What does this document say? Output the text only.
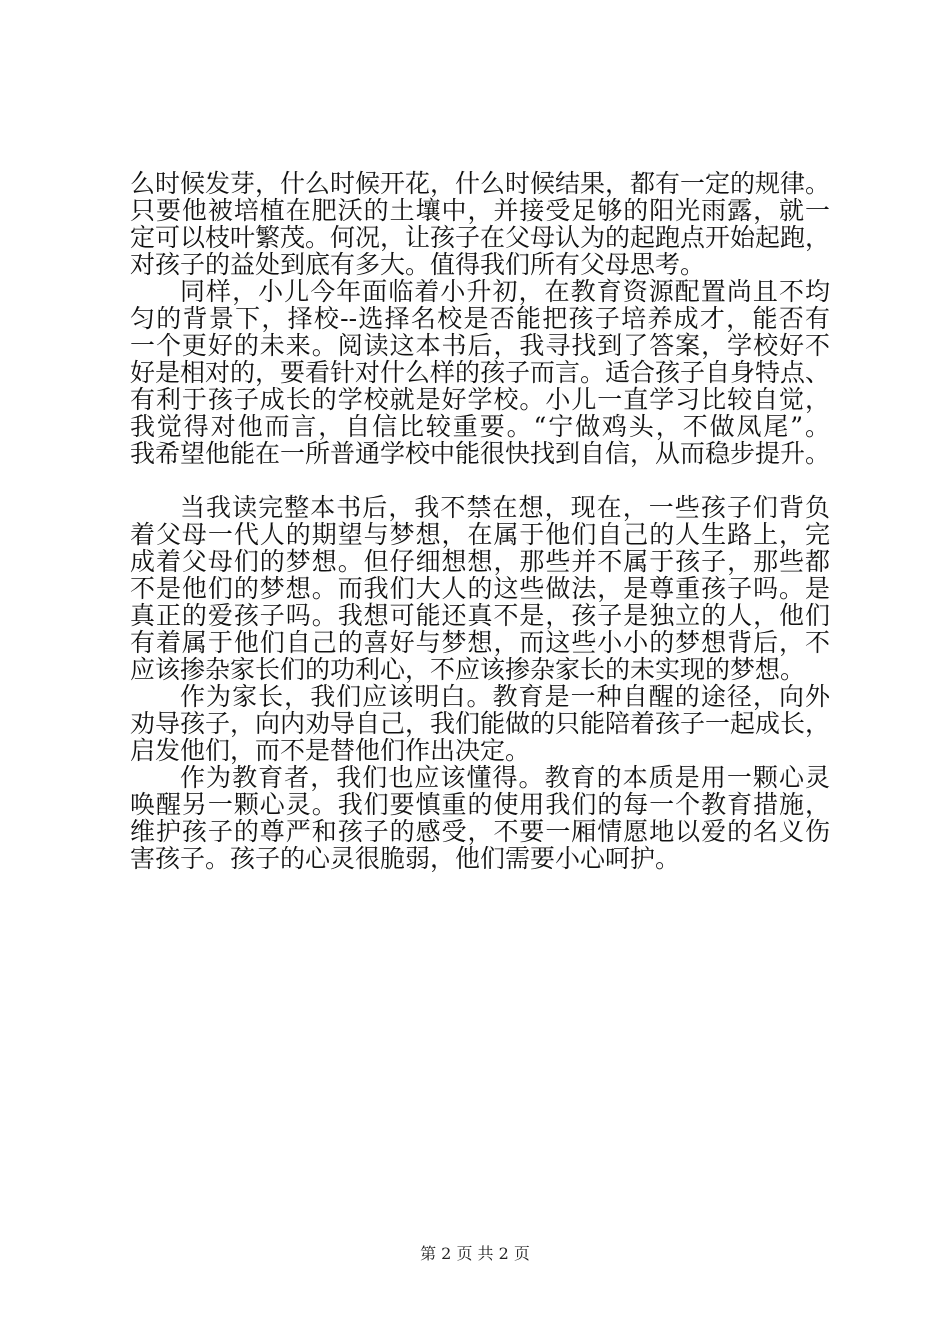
么时候发芽，什么时候开花，什么时候结果，都有一定的规律。
只要他被培植在肥沃的土壤中，并接受足够的阳光雨露，就一
定可以枝叶繁茂。何况，让孩子在父母认为的起跑点开始起跑，
对孩子的益处到底有多大。值得我们所有父母思考。
同样，小儿今年面临着小升初，在教育资源配置尚且不均
匀的背景下，择校--选择名校是否能把孩子培养成才，能否有
一个更好的未来。阅读这本书后，我寻找到了答案，学校好不
好是相对的，要看针对什么样的孩子而言。适合孩子自身特点、
有利于孩子成长的学校就是好学校。小儿一直学习比较自觉，
我觉得对他而言，自信比较重要。“宁做鸡头，不做凤尾”。
我希望他能在一所普通学校中能很快找到自信，从而稳步提升。
当我读完整本书后，我不禁在想，现在，一些孩子们背负
着父母一代人的期望与梦想，在属于他们自己的人生路上，完
成着父母们的梦想。但仔细想想，那些并不属于孩子，那些都
不是他们的梦想。而我们大人的这些做法，是尊重孩子吗。是
真正的爱孩子吗。我想可能还真不是，孩子是独立的人，他们
有着属于他们自己的喜好与梦想，而这些小小的梦想背后，不
应该掺杂家长们的功利心，不应该掺杂家长的未实现的梦想。
作为家长，我们应该明白。教育是一种自醒的途径，向外
劝导孩子，向内劝导自己，我们能做的只能陪着孩子一起成长，
启发他们，而不是替他们作出决定。
作为教育者，我们也应该懂得。教育的本质是用一颗心灵
唤醒另一颗心灵。我们要慎重的使用我们的每一个教育措施，
维护孩子的尊严和孩子的感受，不要一厢情愿地以爱的名义伤
害孩子。孩子的心灵很脆弱，他们需要小心呵护。
第 2 页 共 2 页
